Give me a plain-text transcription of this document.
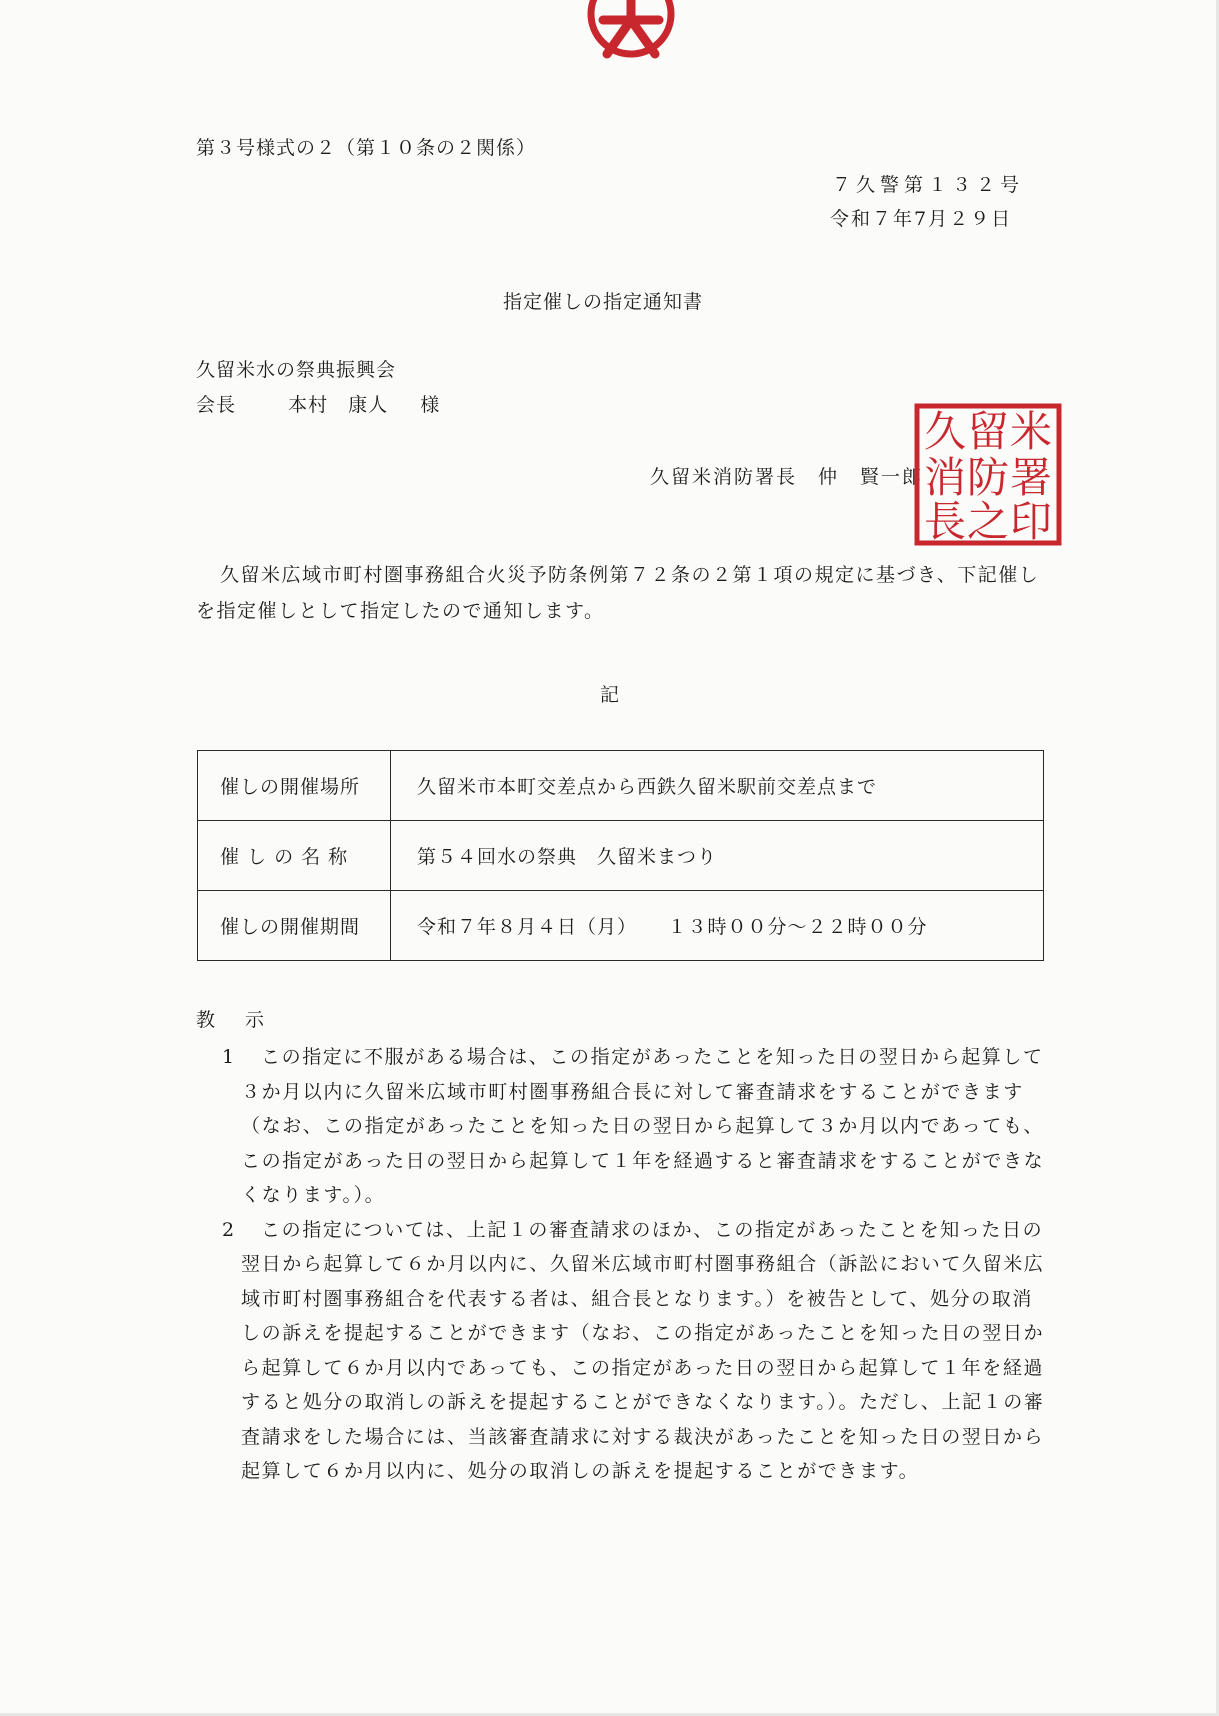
第３号様式の２（第１０条の２関係）
７久警第１３２号
令和７年7月２９日
指定催しの指定通知書
久留米水の祭典振興会
会長	本村　康人 様
久留米消防署長　仲　賢一郎
米
署
印
留
防
之
久
消
長
久留米広域市町村圏事務組合火災予防条例第７２条の２第１項の規定に基づき、下記催しを指定催しとして指定したので通知します。
記
催しの開催場所	久留米市本町交差点から西鉄久留米駅前交差点まで
催 し の 名 称	第５４回水の祭典　久留米まつり
催しの開催期間	令和７年８月４日（月）　　１３時００分～２２時００分
教 示
1	この指定に不服がある場合は、この指定があったことを知った日の翌日から起算して３か月以内に久留米広域市町村圏事務組合長に対して審査請求をすることができます（なお、この指定があったことを知った日の翌日から起算して３か月以内であっても、この指定があった日の翌日から起算して１年を経過すると審査請求をすることができなくなります。）。
2	この指定については、上記１の審査請求のほか、この指定があったことを知った日の翌日から起算して６か月以内に、久留米広域市町村圏事務組合（訴訟において久留米広域市町村圏事務組合を代表する者は、組合長となります。）を被告として、処分の取消しの訴えを提起することができます（なお、この指定があったことを知った日の翌日から起算して６か月以内であっても、この指定があった日の翌日から起算して１年を経過すると処分の取消しの訴えを提起することができなくなります。）。ただし、上記１の審査請求をした場合には、当該審査請求に対する裁決があったことを知った日の翌日から起算して６か月以内に、処分の取消しの訴えを提起することができます。
